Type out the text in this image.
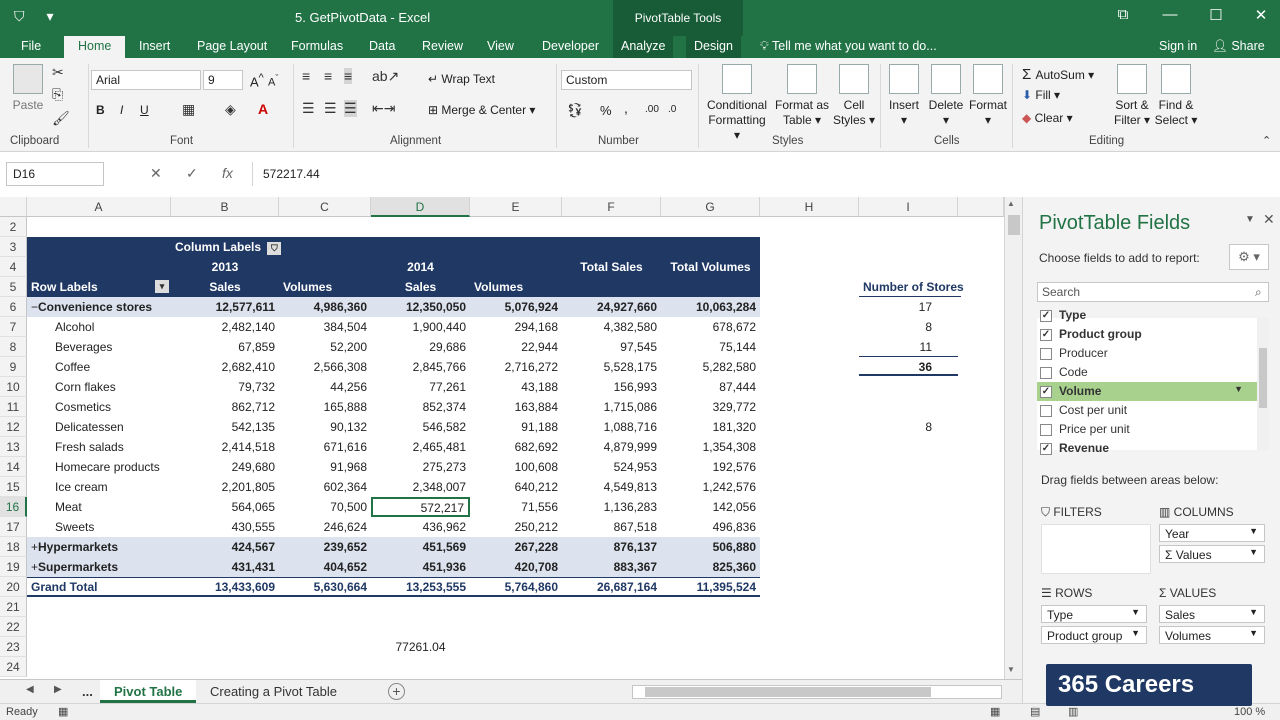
⛉ ▾	5. GetPivotData - Excel	PivotTable Tools	⧉	—	☐	✕
File	Home	Insert Page Layout Formulas Data Review View Developer	Analyze	Design	💡︎ Tell me what you want to do...	Sign in 👤︎ Share
Paste
✂
⎘
🖌︎
Clipboard
Arial	9	A^ $A^ˇ$
B I U ▦ ◈ A
Font
≡ ≡ ≡ ab↗
☰ ☰ ☰ ⇤⇥
↵ Wrap Text
⊞ Merge & Center ▾
Alignment
Custom
💱︎ % , .00 .0
Number
Conditional
Formatting ▾
Format as
Table ▾
Cell
Styles ▾
Styles
Insert
▾
Delete
▾
Format
▾
Cells
Σ AutoSum ▾
⬇ Fill ▾
◆ Clear ▾
Sort &
Filter ▾
Find &
Select ▾
Editing	⌃
D16	✕ ✓ fx	572217.44
A	B	C	D	E	F	G	H	I
2
3
4
5
6
7
8
9
10
11
12
13
14
15
16
17
18
19
20
21
22
23
24
Column Labels ⛉
2013	2014	Total Sales	Total Volumes
Row Labels	▾	Sales	Volumes	Sales	Volumes
−Convenience stores	12,577,611	4,986,360	12,350,050	5,076,924	24,927,660	10,063,284
Alcohol	2,482,140	384,504	1,900,440	294,168	4,382,580	678,672
Beverages	67,859	52,200	29,686	22,944	97,545	75,144
Coffee	2,682,410	2,566,308	2,845,766	2,716,272	5,528,175	5,282,580
Corn flakes	79,732	44,256	77,261	43,188	156,993	87,444
Cosmetics	862,712	165,888	852,374	163,884	1,715,086	329,772
Delicatessen	542,135	90,132	546,582	91,188	1,088,716	181,320
Fresh salads	2,414,518	671,616	2,465,481	682,692	4,879,999	1,354,308
Homecare products	249,680	91,968	275,273	100,608	524,953	192,576
Ice cream	2,201,805	602,364	2,348,007	640,212	4,549,813	1,242,576
Meat	564,065	70,500	572,217	71,556	1,136,283	142,056
Sweets	430,555	246,624	436,962	250,212	867,518	496,836
+Hypermarkets	424,567	239,652	451,569	267,228	876,137	506,880
+Supermarkets	431,431	404,652	451,936	420,708	883,367	825,360
Grand Total	13,433,609	5,630,664	13,253,555	5,764,860	26,687,164	11,395,524
Number of Stores
17
8
11
36
8
77261.04
▲
▼
◀ ▶	...	Pivot Table	Creating a Pivot Table	+
Ready ▦	▦	▤	▥	100 %
PivotTable Fields	▼ ✕
Choose fields to add to report:	⚙ ▾
Search	⌕
✓ Type
✓ Product group
Producer
Code
✓ Volume	▼
Cost per unit
Price per unit
✓ Revenue
Drag fields between areas below:
⛉ FILTERS	▥ COLUMNS
Year	▼
Σ Values	▼
☰ ROWS
Type	▼
Product group ▼
Σ VALUES
Sales	▼
Volumes	▼
365 Careers
